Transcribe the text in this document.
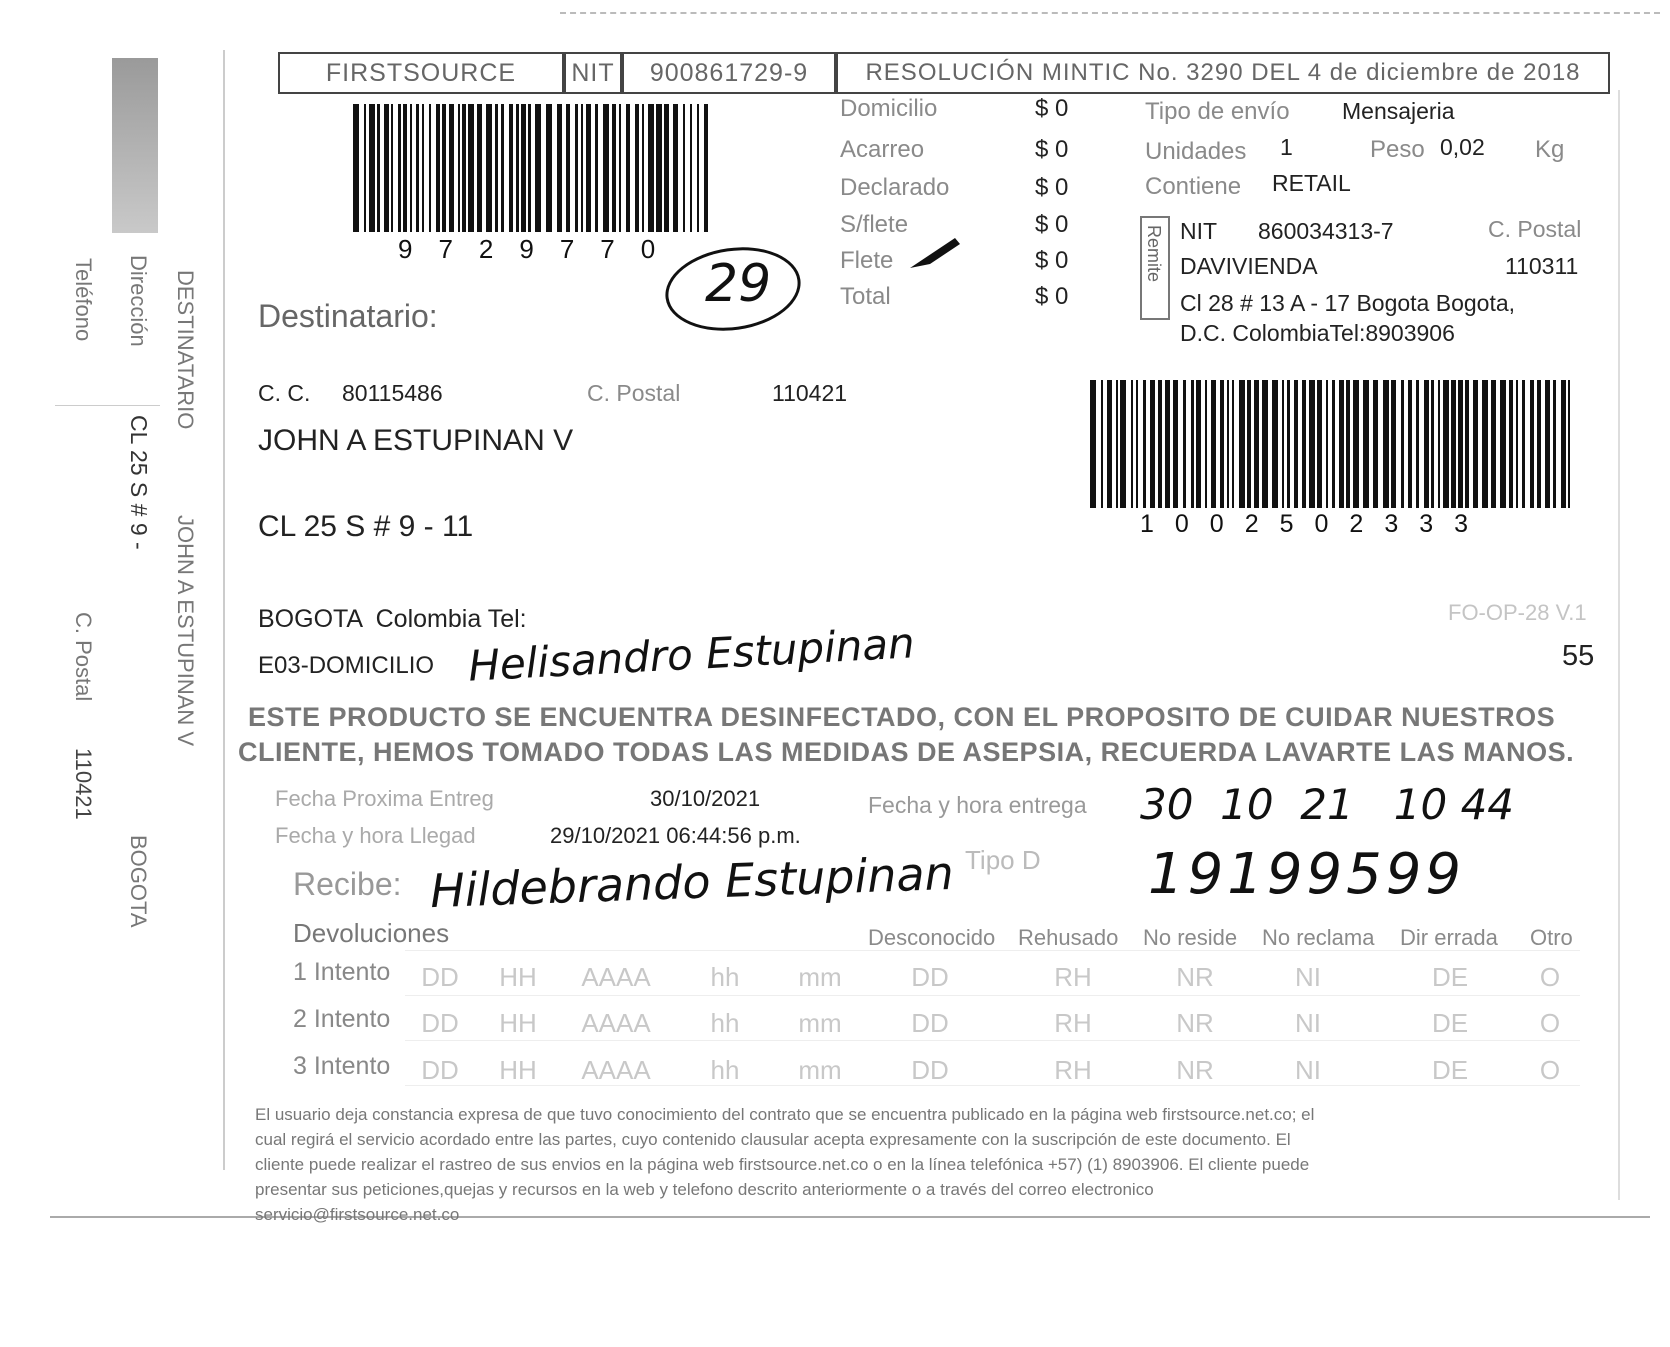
DESTINATARIO
JOHN A ESTUPINAN V
Dirección
CL 25 S # 9 -
Teléfono
C. Postal
110421
BOGOTA
FIRSTSOURCE NIT 900861729-9 RESOLUCIÓN MINTIC No. 3290 DEL 4 de diciembre de 2018
9729770
29
Domicilio	$ 0
Acarreo	$ 0
Declarado	$ 0
S/flete	$ 0
Flete	$ 0
Total	$ 0
Tipo de envío Mensajeria
Unidades 1	Peso 0,02 Kg
Contiene RETAIL
Remite NIT 860034313-7	C. Postal
DAVIVIENDA	110311
Cl 28 # 13 A - 17 Bogota Bogota,
D.C. ColombiaTel:8903906
Destinatario:
C. C. 80115486	C. Postal	110421
JOHN A ESTUPINAN V
CL 25 S # 9 - 11
BOGOTA  Colombia Tel:
E03-DOMICILIO Helisandro Estupinan
1002502333
FO-OP-28 V.1
55
ESTE PRODUCTO SE ENCUENTRA DESINFECTADO, CON EL PROPOSITO DE CUIDAR NUESTROS
CLIENTE, HEMOS TOMADO TODAS LAS MEDIDAS DE ASEPSIA, RECUERDA LAVARTE LAS MANOS.
Fecha Proxima Entreg	30/10/2021
Fecha y hora Llegad	29/10/2021 06:44:56 p.m.
Fecha y hora entrega 30  10  21   10 44
Tipo D
Recibe: Hildebrando Estupinan	19199599
Devoluciones	Desconocido Rehusado No reside No reclama Dir errada Otro
1 Intento
2 Intento
3 Intento
DD	HH	AAAA	hh	mm	DD	RH	NR	NI	DE	O
DD	HH	AAAA	hh	mm	DD	RH	NR	NI	DE	O
DD	HH	AAAA	hh	mm	DD	RH	NR	NI	DE	O
El usuario deja constancia expresa de que tuvo conocimiento del contrato que se encuentra publicado en la página web firstsource.net.co; el
cual regirá el servicio acordado entre las partes, cuyo contenido clausular acepta expresamente con la suscripción de este documento. El
cliente puede realizar el rastreo de sus envios en la página web firstsource.net.co o en la línea telefónica +57) (1) 8903906. El cliente puede
presentar sus peticiones,quejas y recursos en la web y telefono descrito anteriormente o a través del correo electronico
servicio@firstsource.net.co
